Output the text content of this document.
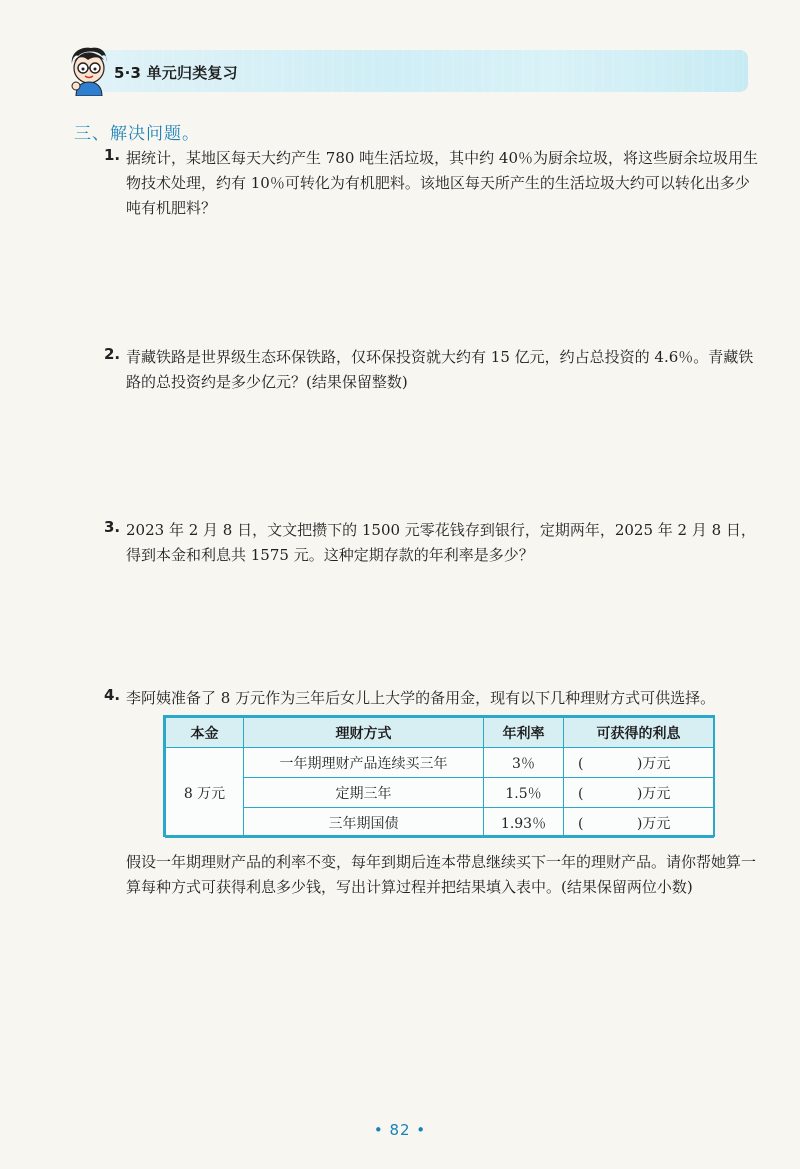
5·3 单元归类复习
三、解决问题。
1. 据统计，某地区每天大约产生 780 吨生活垃圾，其中约 40％为厨余垃圾，将这些厨余垃圾用生物技术处理，约有 10％可转化为有机肥料。该地区每天所产生的生活垃圾大约可以转化出多少吨有机肥料？
2. 青藏铁路是世界级生态环保铁路，仅环保投资就大约有 15 亿元，约占总投资的 4.6％。青藏铁路的总投资约是多少亿元？(结果保留整数)
3. 2023 年 2 月 8 日，文文把攒下的 1500 元零花钱存到银行，定期两年，2025 年 2 月 8 日，得到本金和利息共 1575 元。这种定期存款的年利率是多少？
4. 李阿姨准备了 8 万元作为三年后女儿上大学的备用金，现有以下几种理财方式可供选择。
本金	理财方式	年利率	可获得的利息
8 万元	一年期理财产品连续买三年	3％	(            )万元
	定期三年	1.5％	(            )万元
	三年期国债	1.93％	(            )万元
假设一年期理财产品的利率不变，每年到期后连本带息继续买下一年的理财产品。请你帮她算一算每种方式可获得利息多少钱，写出计算过程并把结果填入表中。(结果保留两位小数)
• 82 •
